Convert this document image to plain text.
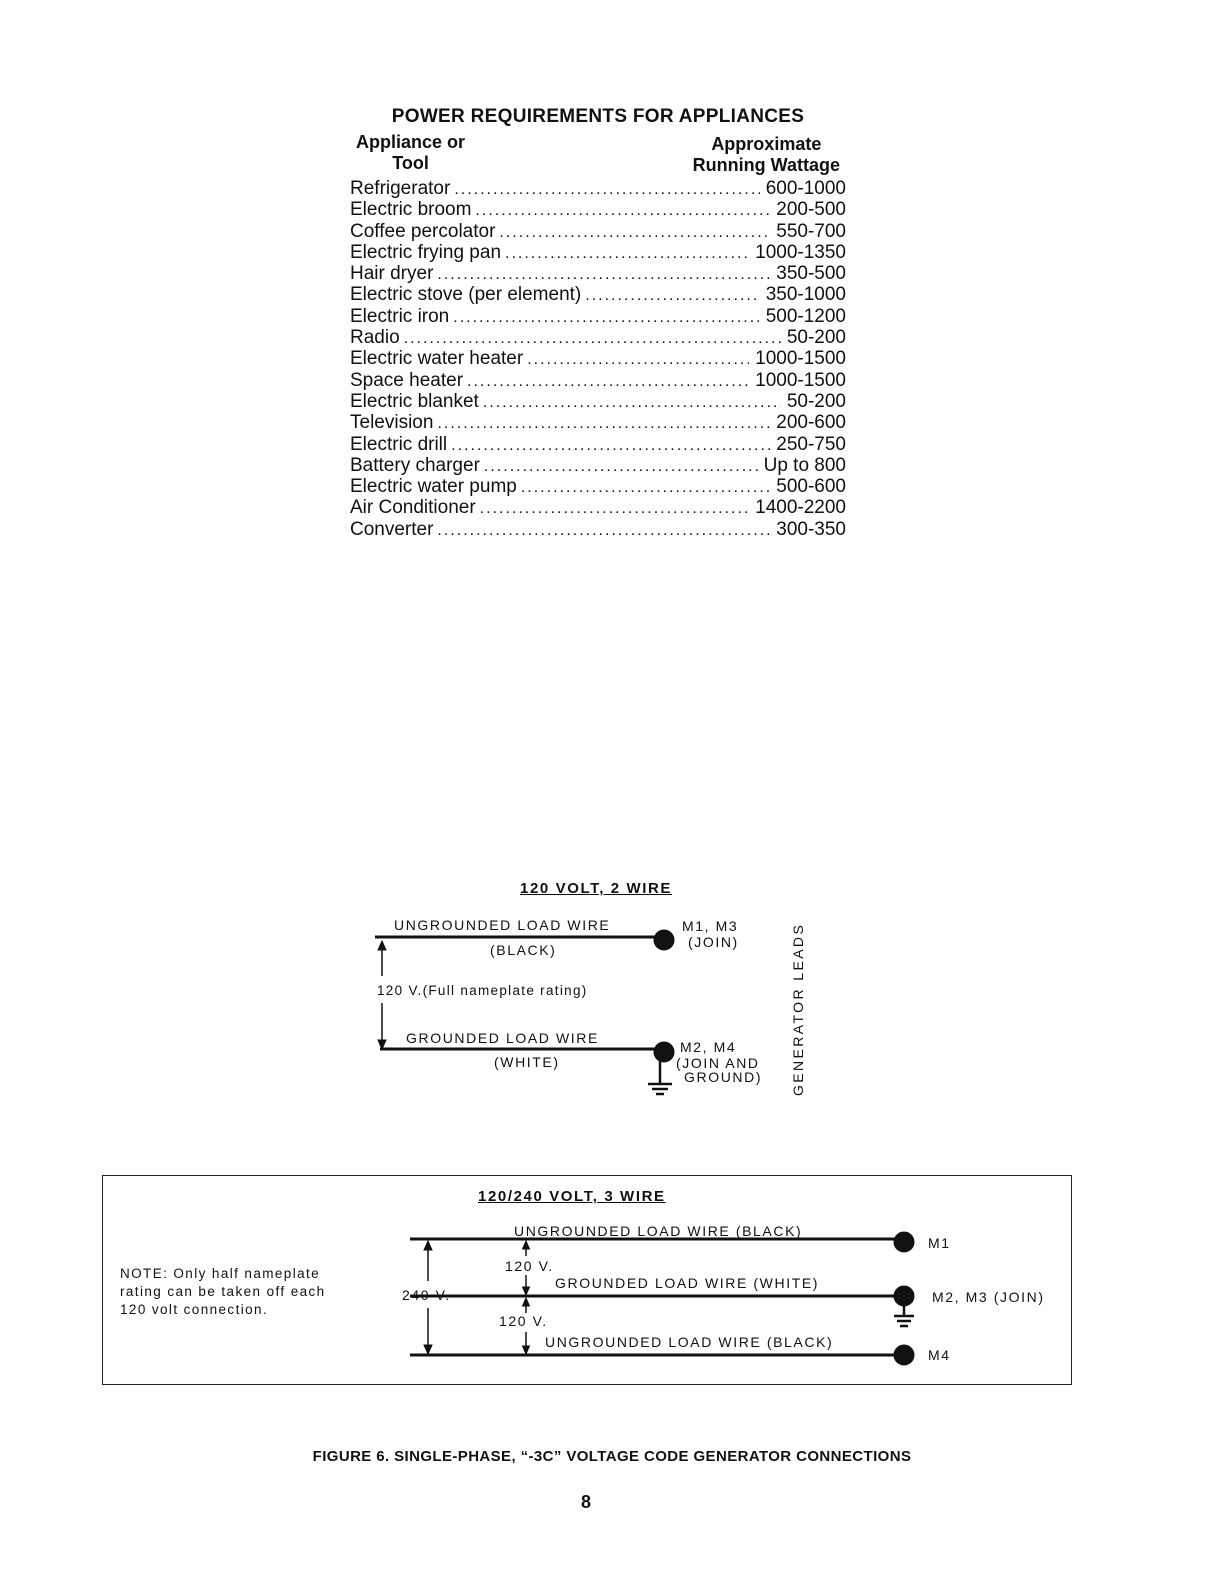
POWER REQUIREMENTS FOR APPLIANCES
Appliance or
Tool
Approximate
Running Wattage
Refrigerator .....	600-1000
Electric broom .....	200-500
Coffee percolator .....	550-700
Electric frying pan .....	1000-1350
Hair dryer .....	350-500
Electric stove (per element) .....	350-1000
Electric iron .....	500-1200
Radio .....	50-200
Electric water heater .....	1000-1500
Space heater .....	1000-1500
Electric blanket .....	50-200
Television .....	200-600
Electric drill .....	250-750
Battery charger .....	Up to 800
Electric water pump .....	500-600
Air Conditioner .....	1400-2200
Converter .....	300-350
120 VOLT, 2 WIRE
UNGROUNDED LOAD WIRE
(BLACK)
M1, M3
(JOIN)
120 V.(Full nameplate rating)
GROUNDED LOAD WIRE
(WHITE)
M2, M4
(JOIN AND
GROUND) GENERATOR LEADS
120/240 VOLT, 3 WIRE
NOTE: Only half nameplate
rating can be taken off each
120 volt connection.
UNGROUNDED LOAD WIRE (BLACK)
GROUNDED LOAD WIRE (WHITE)
UNGROUNDED LOAD WIRE (BLACK)
M1
M2, M3 (JOIN)
M4
240 V.
120 V.
120 V.
FIGURE 6. SINGLE-PHASE, “-3C” VOLTAGE CODE GENERATOR CONNECTIONS
8
